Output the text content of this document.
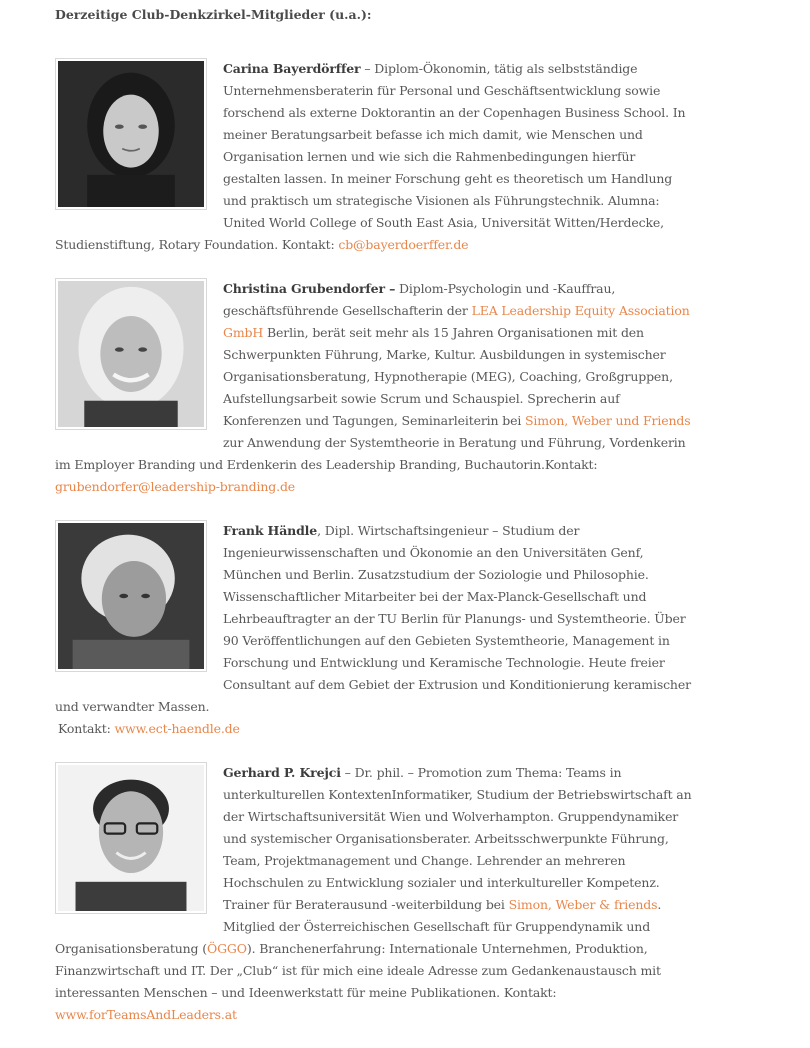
Derzeitige Club-Denkzirkel-Mitglieder (u.a.):

Carina Bayerdörffer – Diplom-Ökonomin, tätig als selbstständige Unternehmensberaterin für Personal und Geschäftsentwicklung sowie forschend als externe Doktorantin an der Copenhagen Business School. In meiner Beratungsarbeit befasse ich mich damit, wie Menschen und Organisation lernen und wie sich die Rahmenbedingungen hierfür gestalten lassen. In meiner Forschung geht es theoretisch um Handlung und praktisch um strategische Visionen als Führungstechnik. Alumna: United World College of South East Asia, Universität Witten/Herdecke, Studienstiftung, Rotary Foundation. Kontakt: cb@bayerdoerffer.de

Christina Grubendorfer – Diplom-Psychologin und -Kauffrau, geschäftsführende Gesellschafterin der LEA Leadership Equity Association GmbH Berlin, berät seit mehr als 15 Jahren Organisationen mit den Schwerpunkten Führung, Marke, Kultur. Ausbildungen in systemischer Organisationsberatung, Hypnotherapie (MEG), Coaching, Großgruppen, Aufstellungsarbeit sowie Scrum und Schauspiel. Sprecherin auf Konferenzen und Tagungen, Seminarleiterin bei Simon, Weber und Friends zur Anwendung der Systemtheorie in Beratung und Führung, Vordenkerin im Employer Branding und Erdenkerin des Leadership Branding, Buchautorin.Kontakt: grubendorfer@leadership-branding.de

Frank Händle, Dipl. Wirtschaftsingenieur – Studium der Ingenieurwissenschaften und Ökonomie an den Universitäten Genf, München und Berlin. Zusatzstudium der Soziologie und Philosophie. Wissenschaftlicher Mitarbeiter bei der Max-Planck-Gesellschaft und Lehrbeauftragter an der TU Berlin für Planungs- und Systemtheorie. Über 90 Veröffentlichungen auf den Gebieten Systemtheorie, Management in Forschung und Entwicklung und Keramische Technologie. Heute freier Consultant auf dem Gebiet der Extrusion und Konditionierung keramischer und verwandter Massen.

Kontakt: www.ect-haendle.de

Gerhard P. Krejci – Dr. phil. – Promotion zum Thema: Teams in unterkulturellen KontextenInformatiker, Studium der Betriebswirtschaft an der Wirtschaftsuniversität Wien und Wolverhampton. Gruppendynamiker und systemischer Organisationsberater. Arbeitsschwerpunkte Führung, Team, Projektmanagement und Change. Lehrender an mehreren Hochschulen zu Entwicklung sozialer und interkultureller Kompetenz. Trainer für Beraterausund -weiterbildung bei Simon, Weber & friends. Mitglied der Österreichischen Gesellschaft für Gruppendynamik und Organisationsberatung (ÖGGO). Branchenerfahrung: Internationale Unternehmen, Produktion, Finanzwirtschaft und IT. Der „Club“ ist für mich eine ideale Adresse zum Gedankenaustausch mit interessanten Menschen – und Ideenwerkstatt für meine Publikationen. Kontakt: www.forTeamsAndLeaders.at
